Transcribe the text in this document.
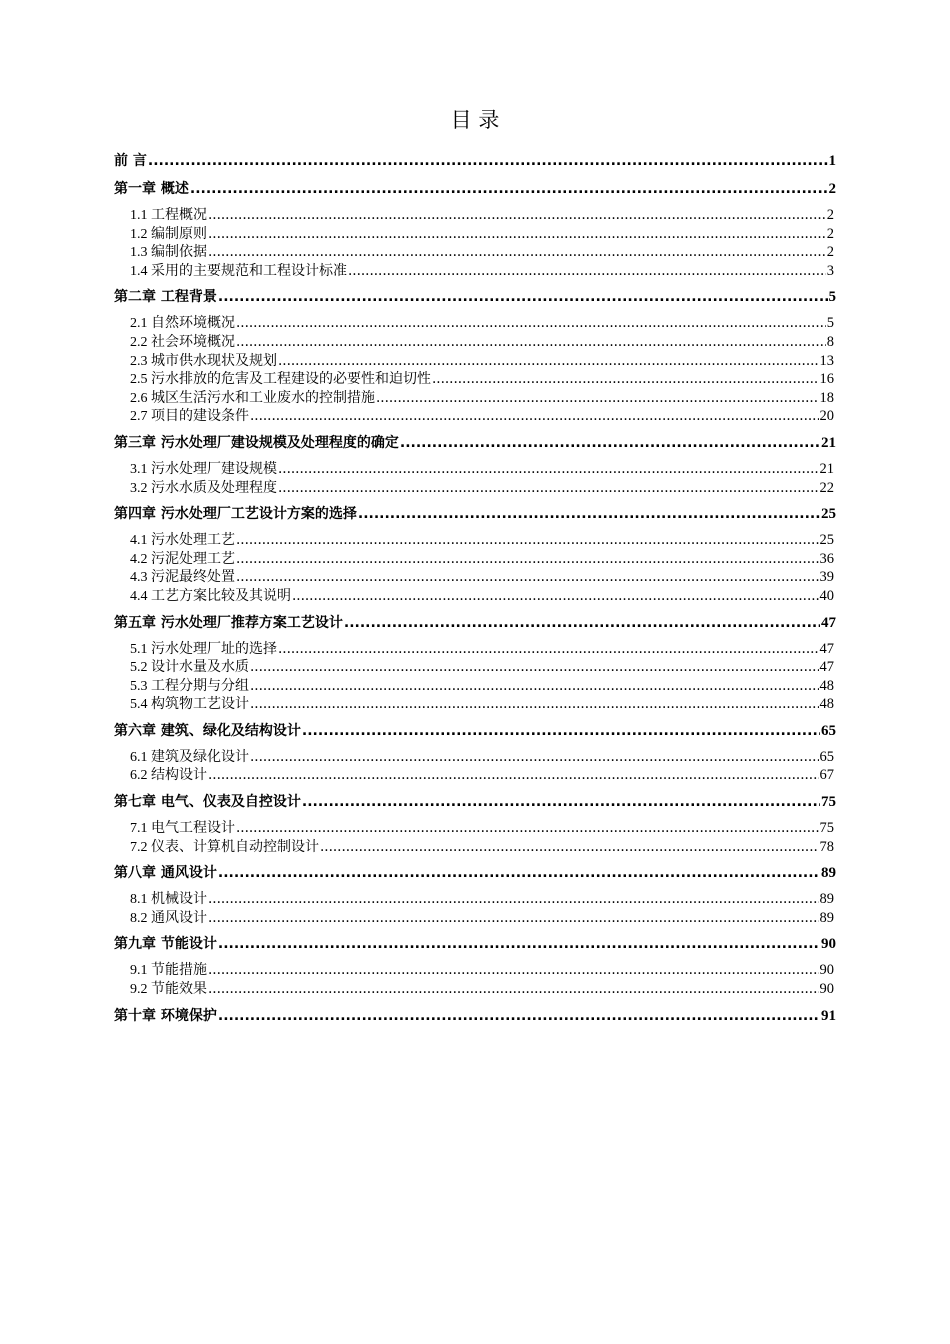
目 录
前 言 .....	1
第一章 概述 .....	2
1.1 工程概况 .....	2
1.2 编制原则 .....	2
1.3 编制依据 .....	2
1.4 采用的主要规范和工程设计标准 .....	3
第二章 工程背景 .....	5
2.1 自然环境概况 .....	5
2.2 社会环境概况 .....	8
2.3 城市供水现状及规划 .....	13
2.5 污水排放的危害及工程建设的必要性和迫切性 .....	16
2.6 城区生活污水和工业废水的控制措施 .....	18
2.7 项目的建设条件 .....	20
第三章 污水处理厂建设规模及处理程度的确定 .....	21
3.1 污水处理厂建设规模 .....	21
3.2 污水水质及处理程度 .....	22
第四章 污水处理厂工艺设计方案的选择 .....	25
4.1 污水处理工艺 .....	25
4.2 污泥处理工艺 .....	36
4.3 污泥最终处置 .....	39
4.4 工艺方案比较及其说明 .....	40
第五章 污水处理厂推荐方案工艺设计 .....	47
5.1 污水处理厂址的选择 .....	47
5.2 设计水量及水质 .....	47
5.3 工程分期与分组 .....	48
5.4 构筑物工艺设计 .....	48
第六章 建筑、绿化及结构设计 .....	65
6.1 建筑及绿化设计 .....	65
6.2 结构设计 .....	67
第七章 电气、仪表及自控设计 .....	75
7.1 电气工程设计 .....	75
7.2 仪表、计算机自动控制设计 .....	78
第八章 通风设计 .....	89
8.1 机械设计 .....	89
8.2 通风设计 .....	89
第九章 节能设计 .....	90
9.1 节能措施 .....	90
9.2 节能效果 .....	90
第十章 环境保护 .....	91
